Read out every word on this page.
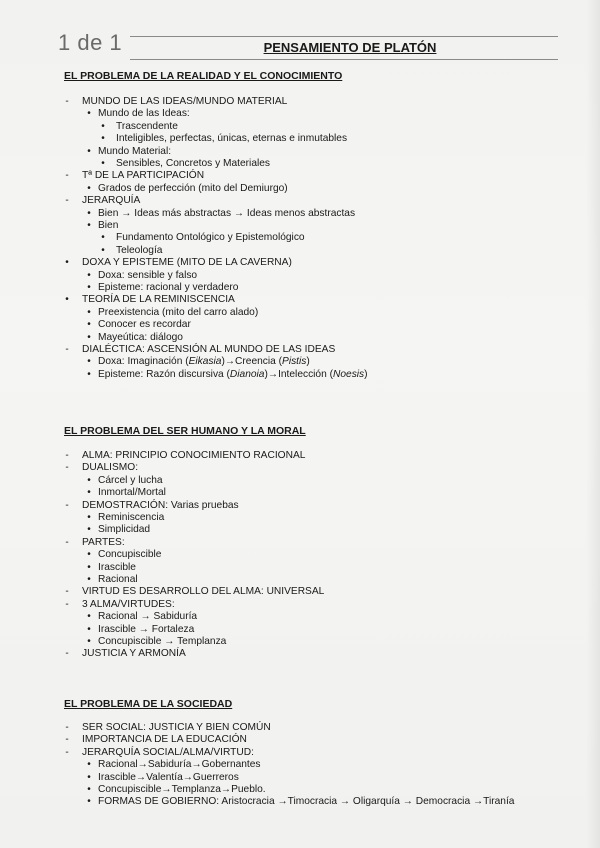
1 de 1	PENSAMIENTO DE PLATÓN
EL PROBLEMA DE LA REALIDAD Y EL CONOCIMIENTO
-	MUNDO DE LAS IDEAS/MUNDO MATERIAL
• Mundo de las Ideas:
•	Trascendente
•	Inteligibles, perfectas, únicas, eternas e inmutables
• Mundo Material:
•	Sensibles, Concretos y Materiales
-	Tª DE LA PARTICIPACIÓN
• Grados de perfección (mito del Demiurgo)
-	JERARQUÍA
• Bien → Ideas más abstractas → Ideas menos abstractas
• Bien
•	Fundamento Ontológico y Epistemológico
•	Teleología
•	DOXA Y EPISTEME (MITO DE LA CAVERNA)
• Doxa: sensible y falso
• Episteme: racional y verdadero
•	TEORÍA DE LA REMINISCENCIA
• Preexistencia (mito del carro alado)
• Conocer es recordar
• Mayeútica: diálogo
-	DIALÉCTICA: ASCENSIÓN AL MUNDO DE LAS IDEAS
• Doxa: Imaginación (Eikasia)→Creencia (Pistis)
• Episteme: Razón discursiva (Dianoia)→Intelección (Noesis)
EL PROBLEMA DEL SER HUMANO Y LA MORAL
-	ALMA: PRINCIPIO CONOCIMIENTO RACIONAL
-	DUALISMO:
• Cárcel y lucha
• Inmortal/Mortal
-	DEMOSTRACIÓN: Varias pruebas
• Reminiscencia
• Simplicidad
-	PARTES:
• Concupiscible
• Irascible
• Racional
-	VIRTUD ES DESARROLLO DEL ALMA: UNIVERSAL
-	3 ALMA/VIRTUDES:
• Racional → Sabiduría
• Irascible → Fortaleza
• Concupiscible → Templanza
-	JUSTICIA Y ARMONÍA
EL PROBLEMA DE LA SOCIEDAD
-	SER SOCIAL: JUSTICIA Y BIEN COMÚN
-	IMPORTANCIA DE LA EDUCACIÓN
-	JERARQUÍA SOCIAL/ALMA/VIRTUD:
• Racional→Sabiduría→Gobernantes
• Irascible→Valentía→Guerreros
• Concupiscible→Templanza→Pueblo.
• FORMAS DE GOBIERNO: Aristocracia →Timocracia → Oligarquía → Democracia →Tiranía
